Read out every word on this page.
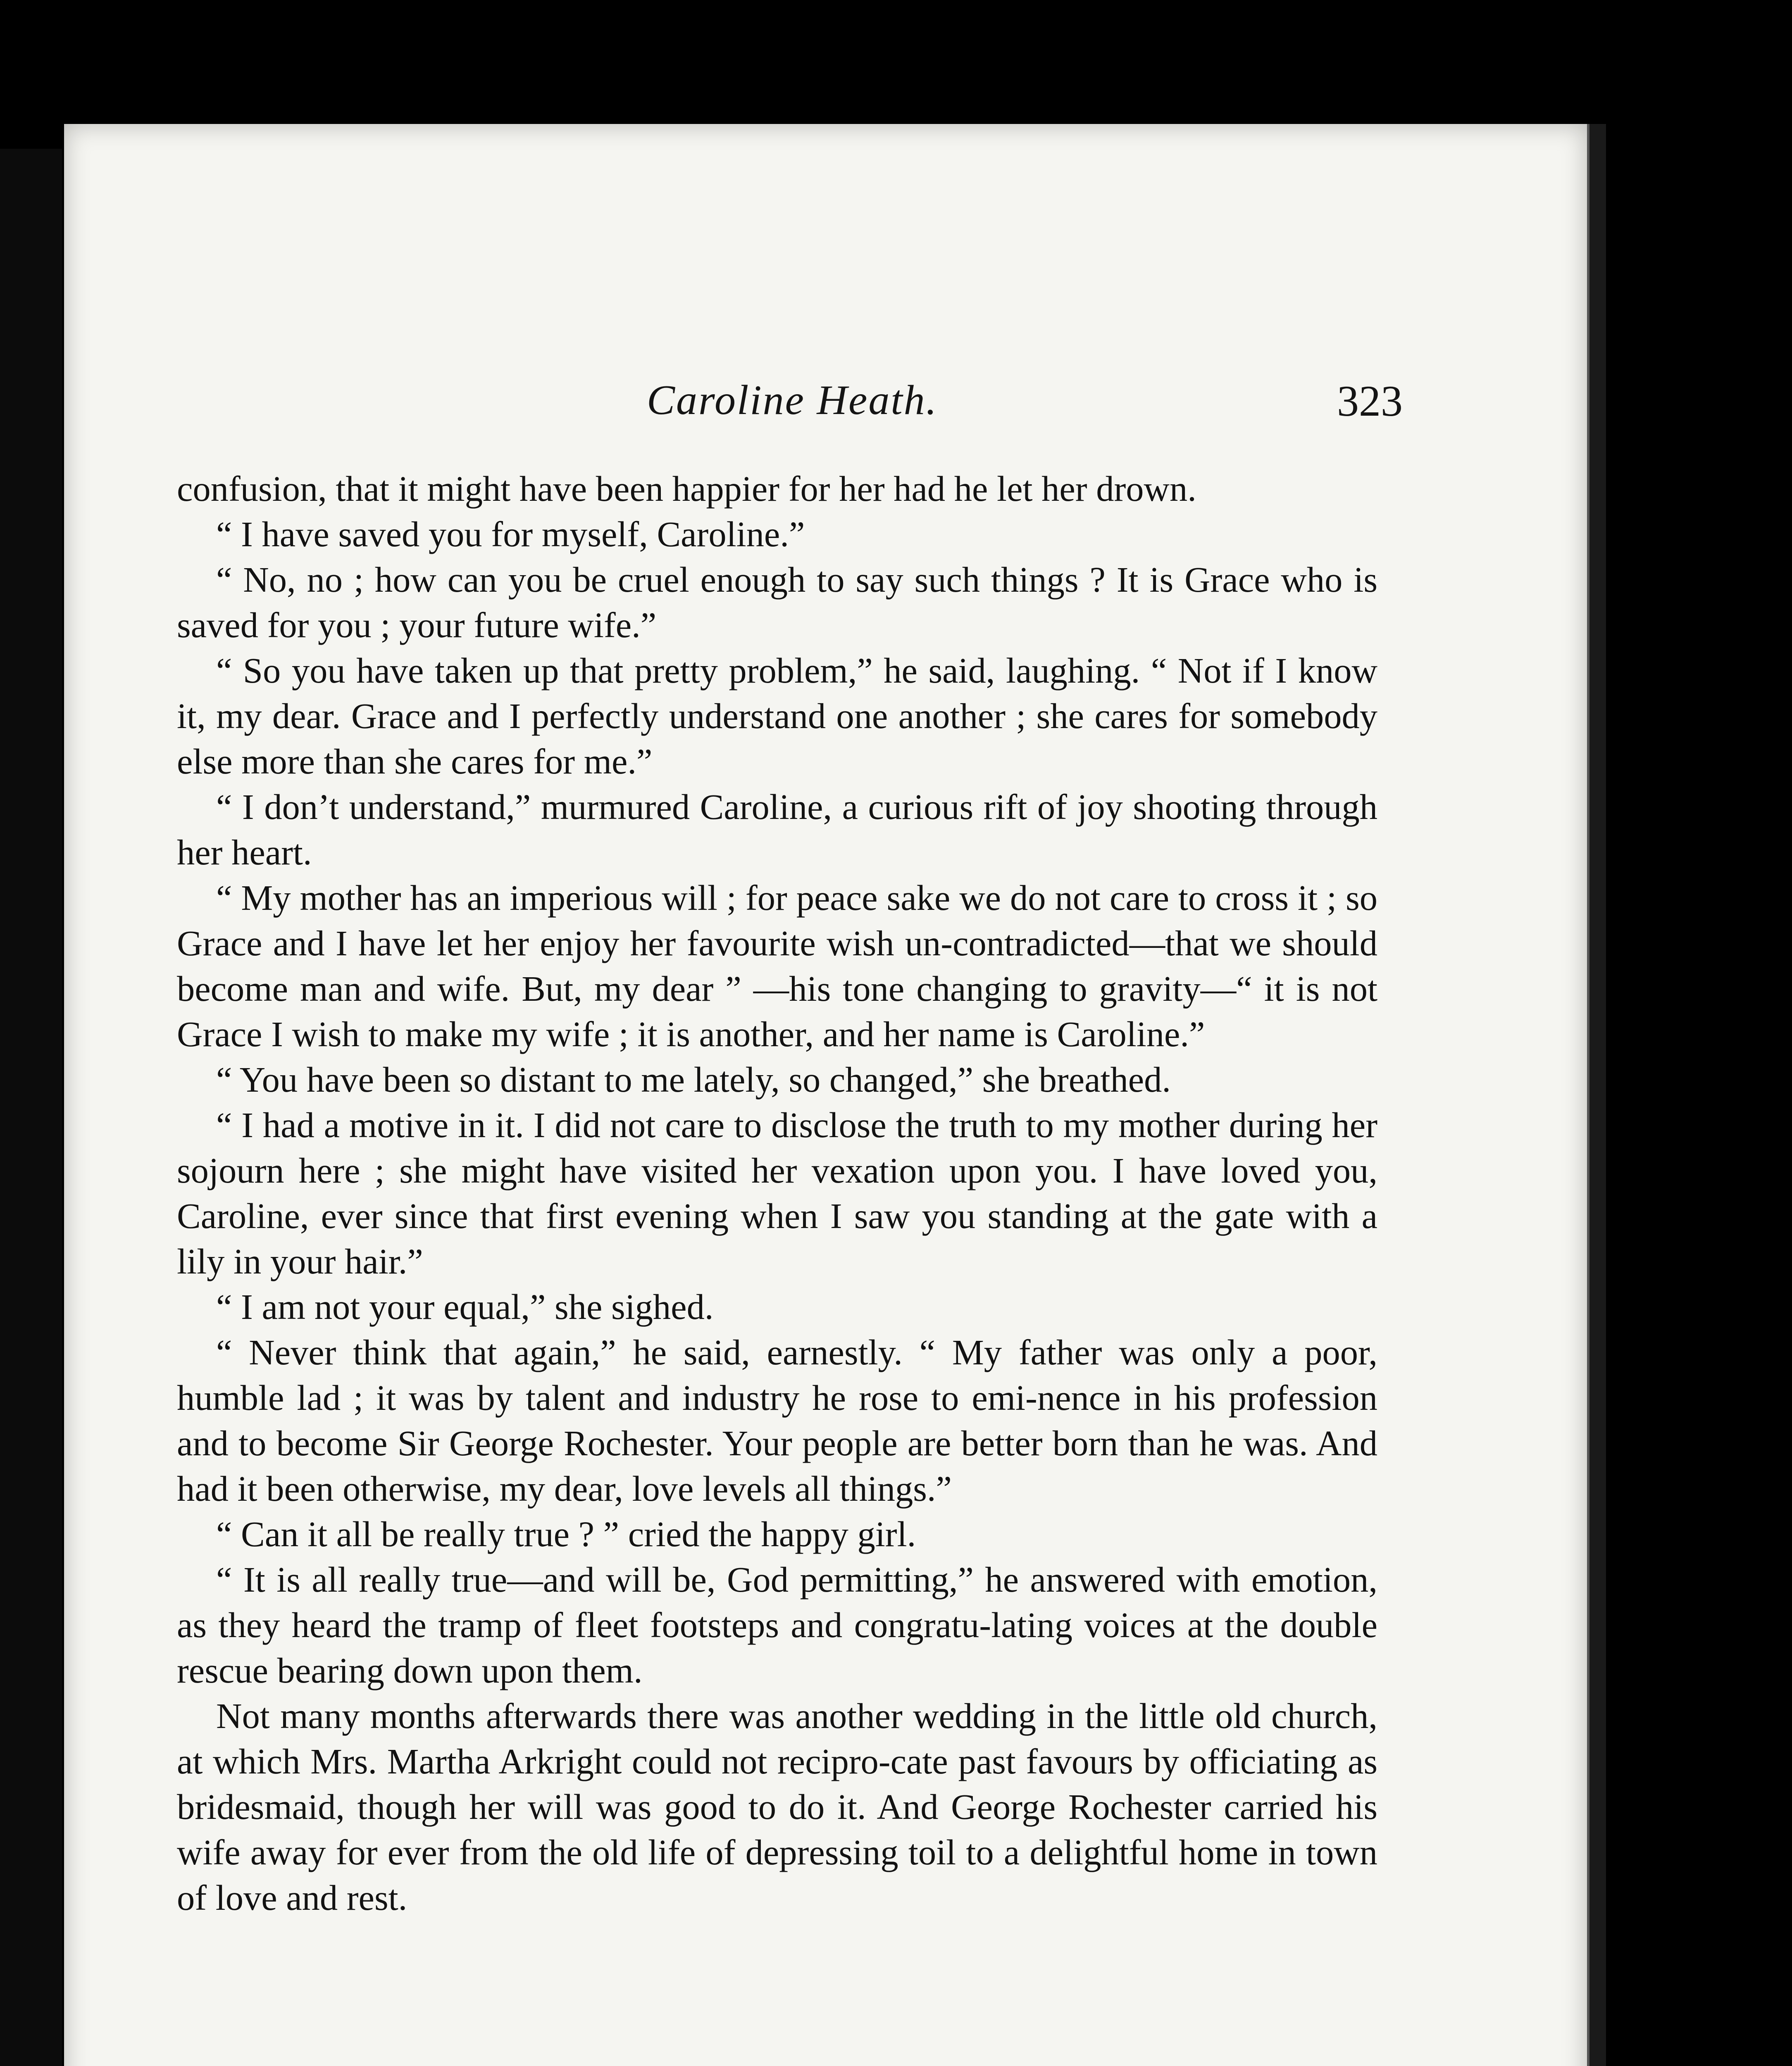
Caroline Heath.	323

confusion, that it might have been happier for her had he let her drown.

“ I have saved you for myself, Caroline.”

“ No, no ; how can you be cruel enough to say such things ? It is Grace who is saved for you ; your future wife.”

“ So you have taken up that pretty problem,” he said, laughing. “ Not if I know it, my dear. Grace and I perfectly understand one another ; she cares for somebody else more than she cares for me.”

“ I don’t understand,” murmured Caroline, a curious rift of joy shooting through her heart.

“ My mother has an imperious will ; for peace sake we do not care to cross it ; so Grace and I have let her enjoy her favourite wish un-contradicted—that we should become man and wife. But, my dear ” —his tone changing to gravity—“ it is not Grace I wish to make my wife ; it is another, and her name is Caroline.”

“ You have been so distant to me lately, so changed,” she breathed.

“ I had a motive in it. I did not care to disclose the truth to my mother during her sojourn here ; she might have visited her vexation upon you. I have loved you, Caroline, ever since that first evening when I saw you standing at the gate with a lily in your hair.”

“ I am not your equal,” she sighed.

“ Never think that again,” he said, earnestly. “ My father was only a poor, humble lad ; it was by talent and industry he rose to emi-nence in his profession and to become Sir George Rochester. Your people are better born than he was. And had it been otherwise, my dear, love levels all things.”

“ Can it all be really true ? ” cried the happy girl.

“ It is all really true—and will be, God permitting,” he answered with emotion, as they heard the tramp of fleet footsteps and congratu-lating voices at the double rescue bearing down upon them.

Not many months afterwards there was another wedding in the little old church, at which Mrs. Martha Arkright could not recipro-cate past favours by officiating as bridesmaid, though her will was good to do it. And George Rochester carried his wife away for ever from the old life of depressing toil to a delightful home in town of love and rest.
